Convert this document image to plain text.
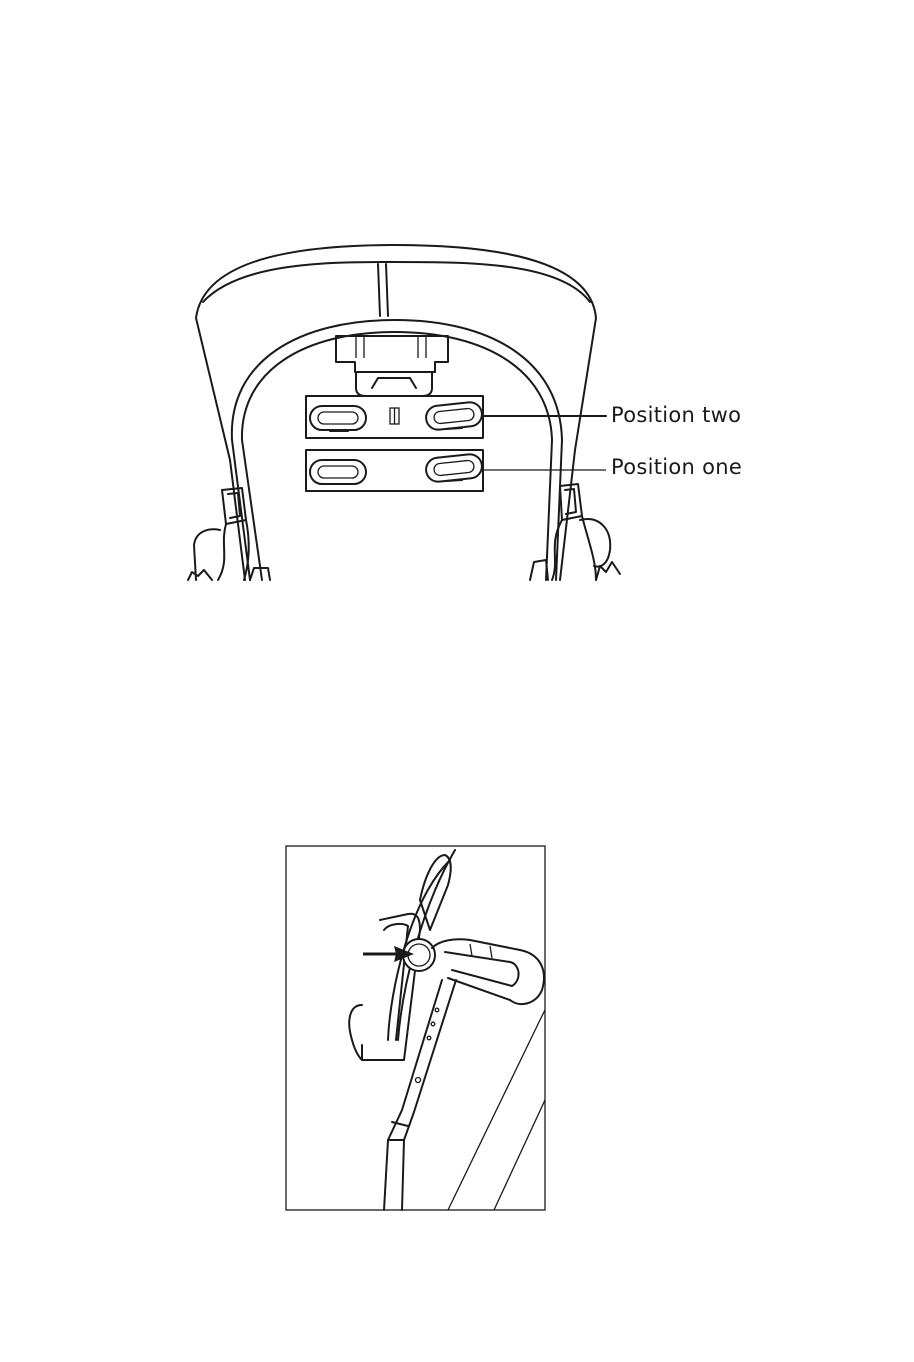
Position two
Position one
